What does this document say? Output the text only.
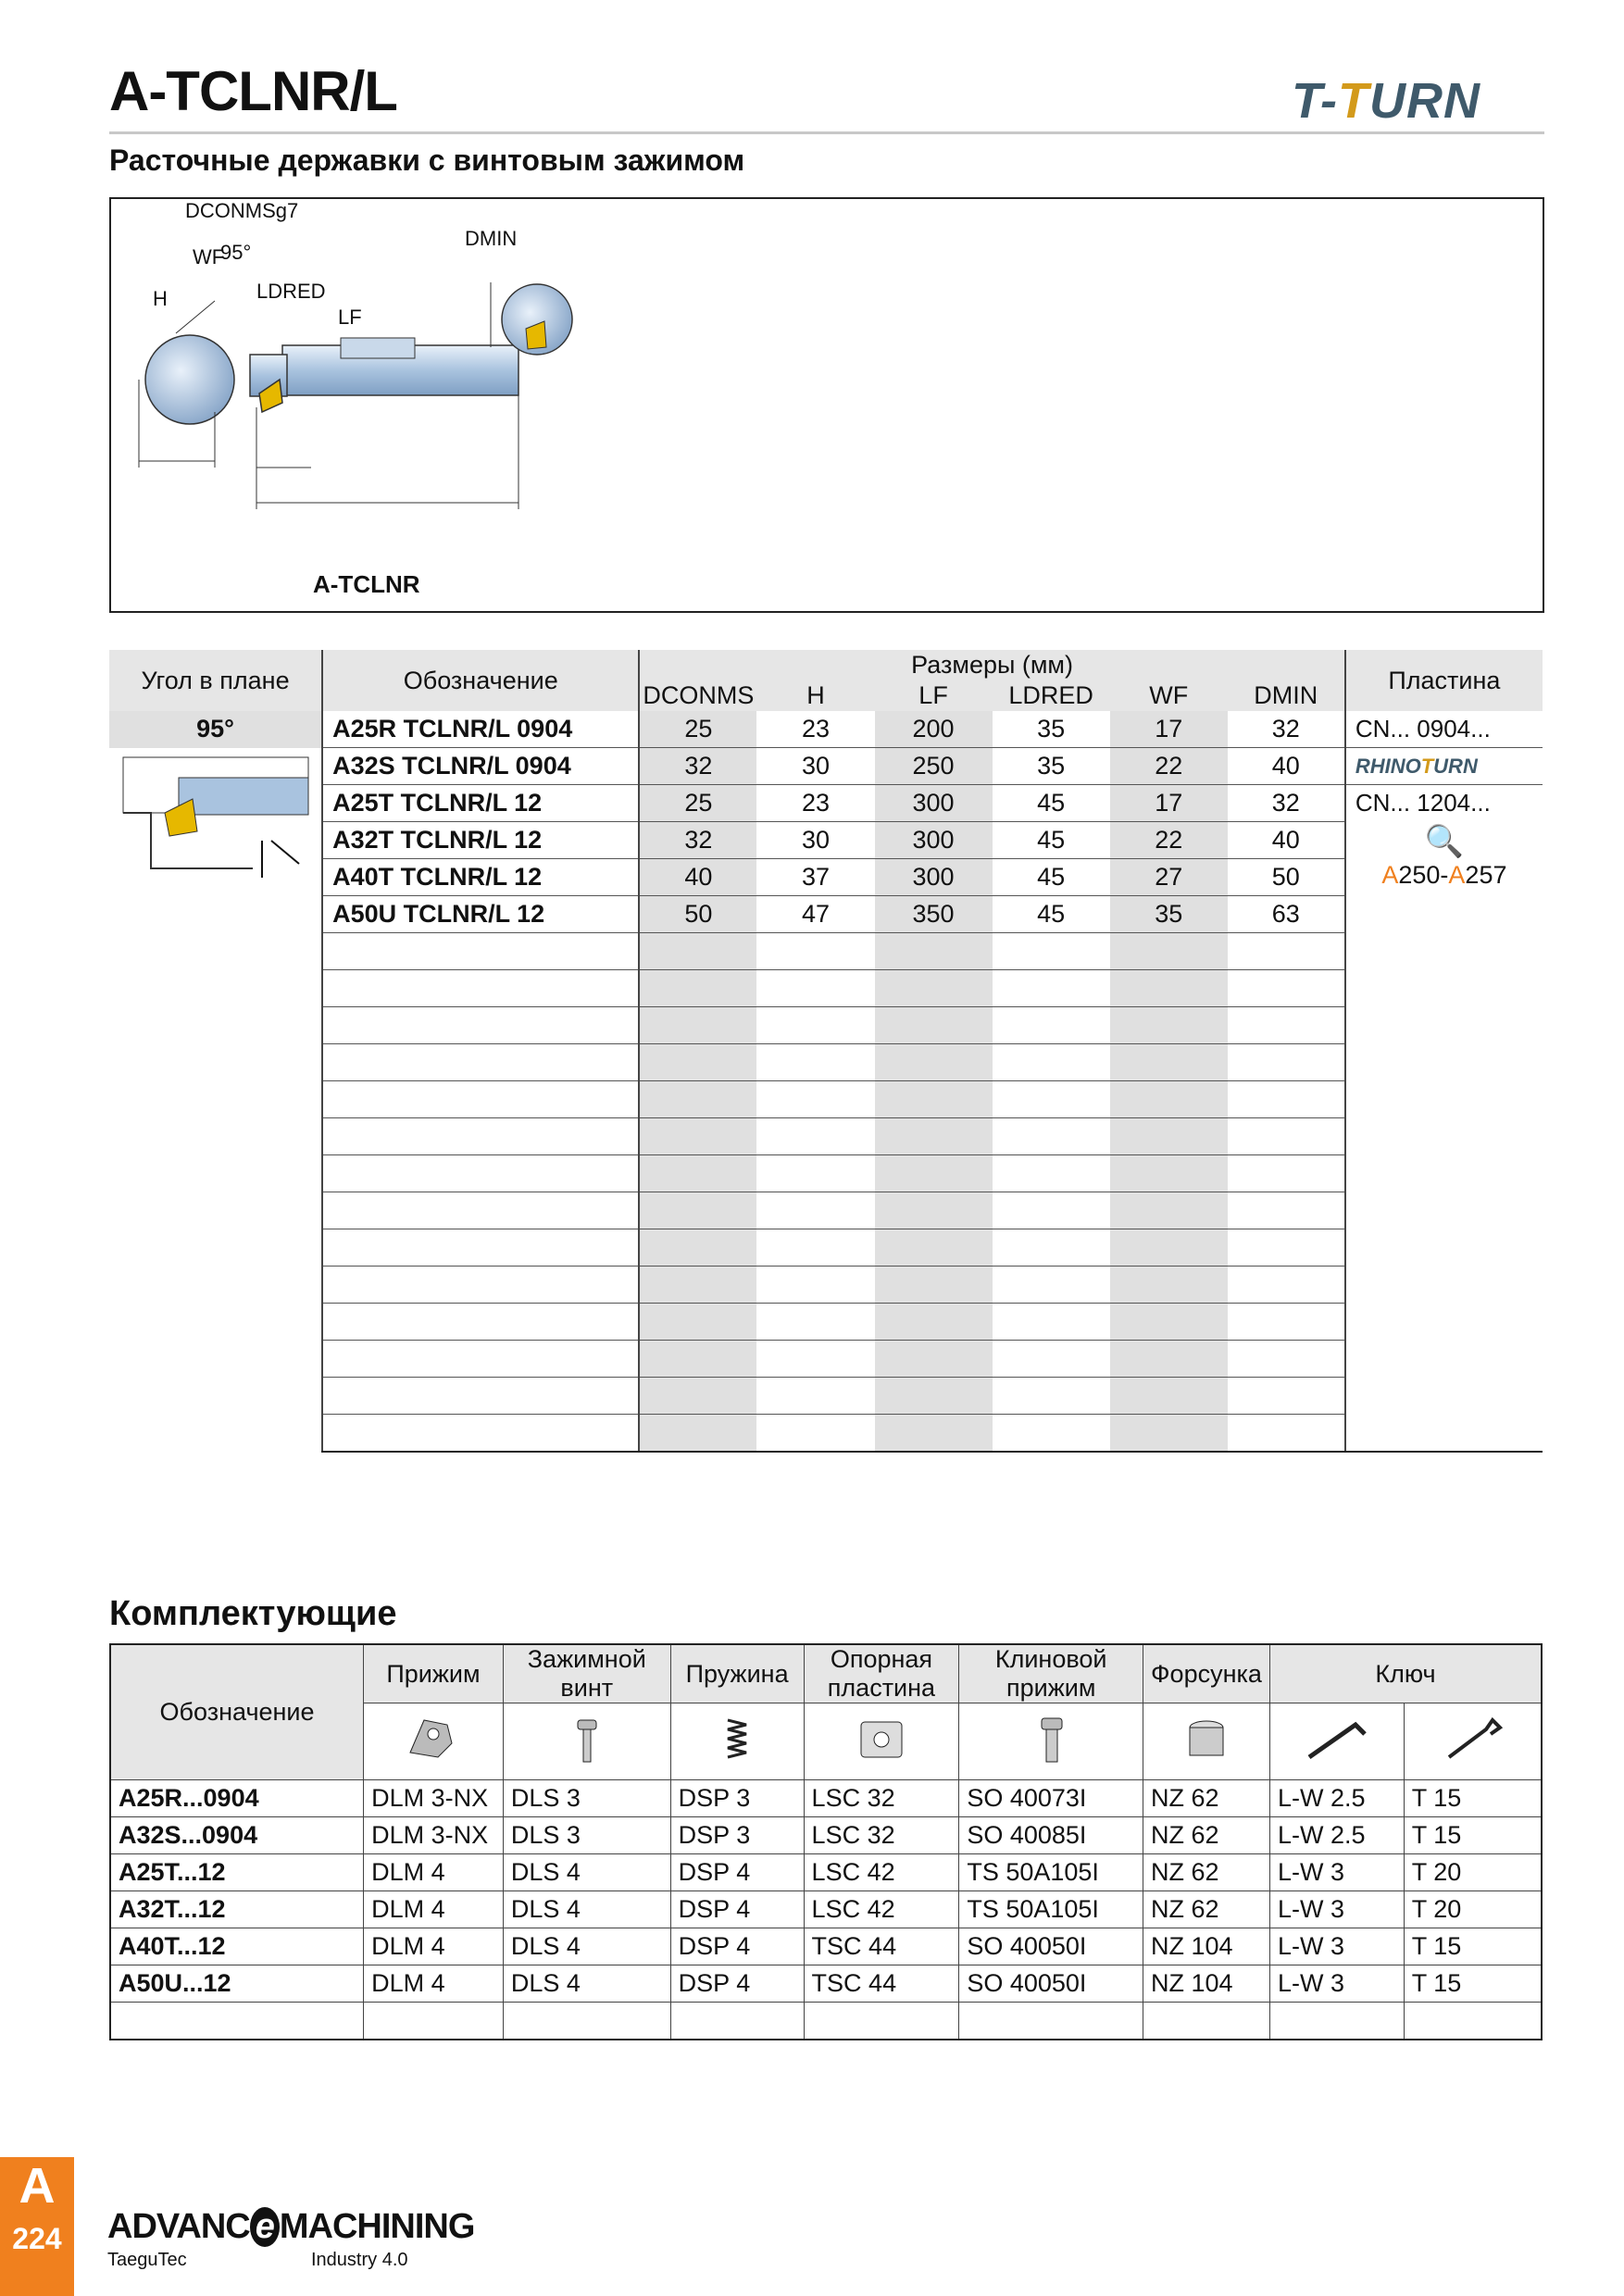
A-TCLNR/L	T-TURN
Расточные державки с винтовым зажимом
DCONMSg7
H
WF
95°
LDRED
LF
DMIN
A-TCLNR
Угол в плане	Обозначение	Размеры (мм)						Пластина
		DCONMS	H	LF	LDRED	WF	DMIN	
95°	A25R TCLNR/L 0904	25	23	200	35	17	32	CN... 0904...
	A32S TCLNR/L 0904	32	30	250	35	22	40	RHINOTURN
	A25T TCLNR/L 12	25	23	300	45	17	32	CN... 1204...
	A32T TCLNR/L 12	32	30	300	45	22	40	🔍
A250-A257

	A40T TCLNR/L 12	40	37	300	45	27	50	
	A50U TCLNR/L 12	50	47	350	45	35	63	

Комплектующие
Обозначение	Прижим	Зажимной винт	Пружина	Опорная пластина	Клиновой прижим	Форсунка	Ключ	

A25R...0904	DLM 3-NX	DLS 3	DSP 3	LSC 32	SO 40073I	NZ 62	L-W 2.5	T 15
A32S...0904	DLM 3-NX	DLS 3	DSP 3	LSC 32	SO 40085I	NZ 62	L-W 2.5	T 15
A25T...12	DLM 4	DLS 4	DSP 4	LSC 42	TS 50A105I	NZ 62	L-W 3	T 20
A32T...12	DLM 4	DLS 4	DSP 4	LSC 42	TS 50A105I	NZ 62	L-W 3	T 20
A40T...12	DLM 4	DLS 4	DSP 4	TSC 44	SO 40050I	NZ 104	L-W 3	T 15
A50U...12	DLM 4	DLS 4	DSP 4	TSC 44	SO 40050I	NZ 104	L-W 3	T 15

A
224	ADVANC e MACHINING
TaeguTec	Industry 4.0
